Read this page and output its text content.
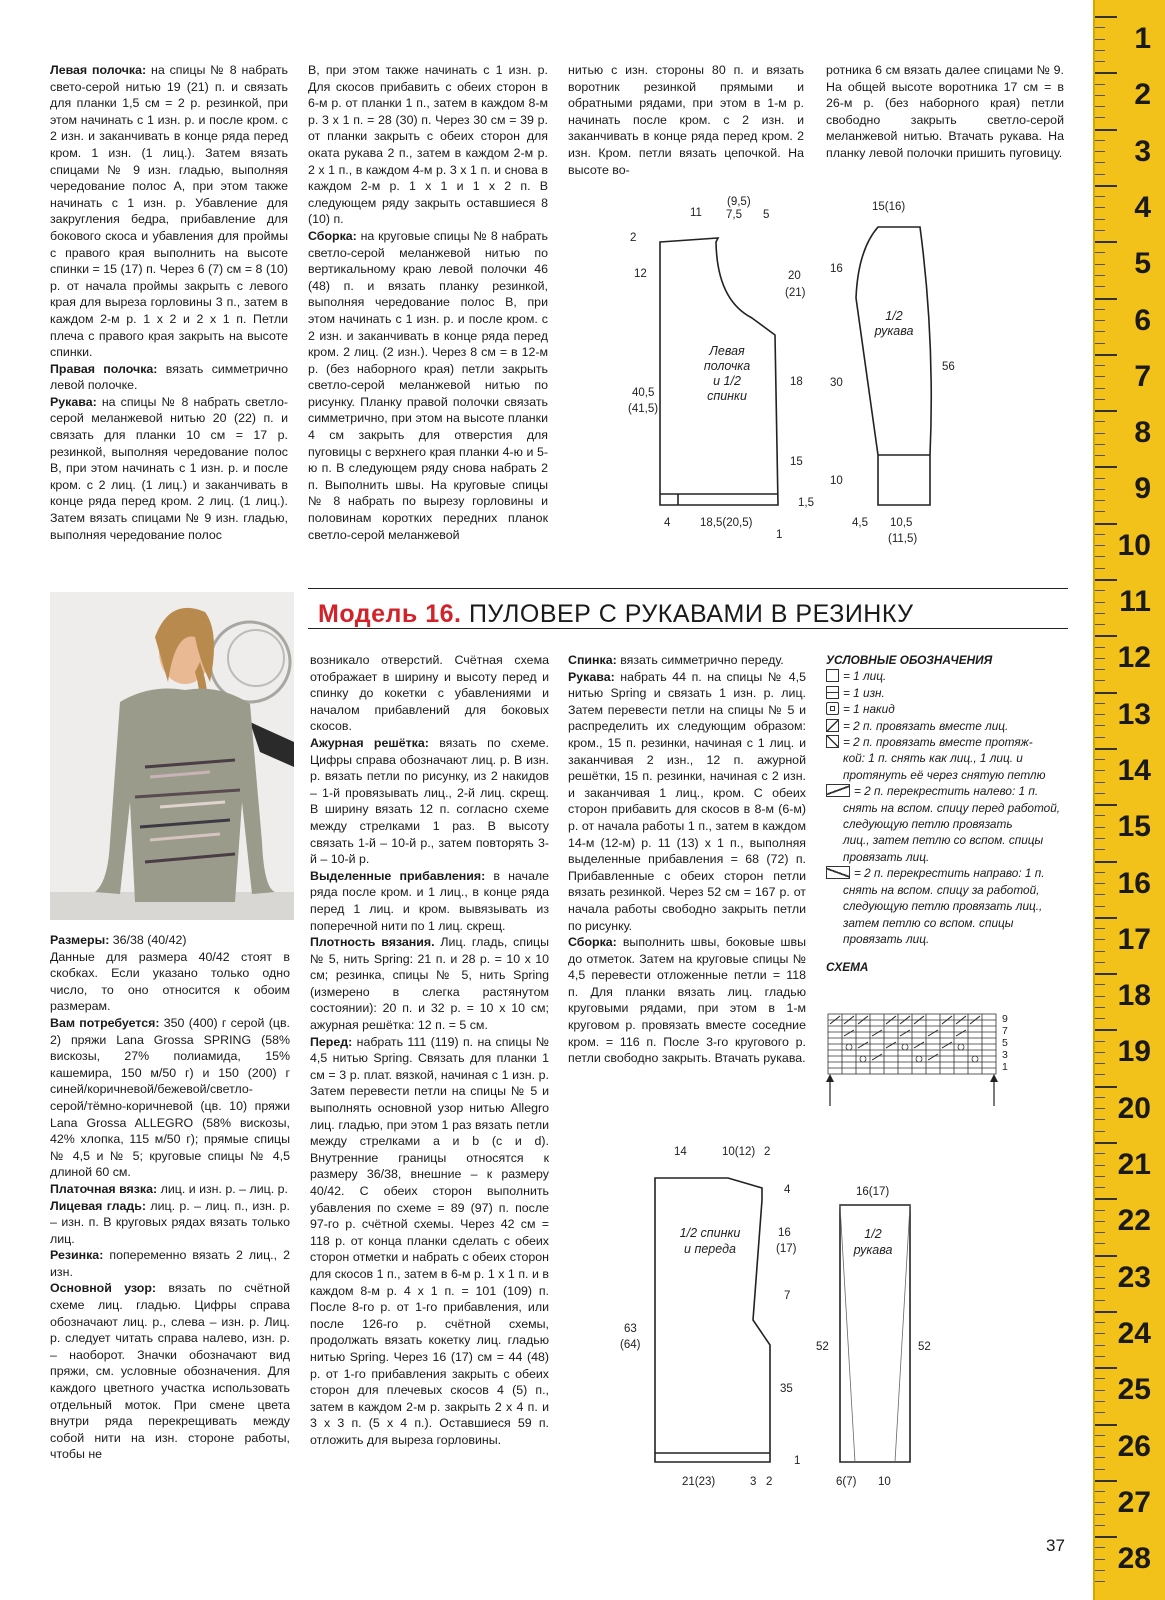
Левая полочка: на спицы № 8 набрать свето-серой нитью 19 (21) п. и связать для планки 1,5 см = 2 р. резинкой, при этом начинать с 1 изн. р. и после кром. с 2 изн. и заканчивать в конце ряда перед кром. 1 изн. (1 лиц.). Затем вязать спицами № 9 изн. гладью, выполняя чередование полос А, при этом также начинать с 1 изн. р. Убавление для закругления бедра, прибавление для бокового скоса и убавления для проймы с правого края выполнить на высоте спинки = 15 (17) п. Через 6 (7) см = 8 (10) р. от начала проймы закрыть с левого края для выреза горловины 3 п., затем в каждом 2-м р. 1 х 2 и 2 х 1 п. Петли плеча с правого края закрыть на высоте спинки.

Правая полочка: вязать симметрично левой полочке.

Рукава: на спицы № 8 набрать светло-серой меланжевой нитью 20 (22) п. и связать для планки 10 см = 17 р. резинкой, выполняя чередование полос В, при этом начинать с 1 изн. р. и после кром. с 2 лиц. (1 лиц.) и заканчивать в конце ряда перед кром. 2 лиц. (1 лиц.). Затем вязать спицами № 9 изн. гладью, выполняя чередование полос

В, при этом также начинать с 1 изн. р. Для скосов прибавить с обеих сторон в 6-м р. от планки 1 п., затем в каждом 8-м р. 3 х 1 п. = 28 (30) п. Через 30 см = 39 р. от планки закрыть с обеих сторон для оката рукава 2 п., затем в каждом 2-м р. 2 х 1 п., в каждом 4-м р. 3 х 1 п. и снова в каждом 2-м р. 1 х 1 и 1 х 2 п. В следующем ряду закрыть оставшиеся 8 (10) п.

Сборка: на круговые спицы № 8 набрать светло-серой меланжевой нитью по вертикальному краю левой полочки 46 (48) п. и вязать планку резинкой, выполняя чередование полос В, при этом начинать с 1 изн. р. и после кром. с 2 изн. и заканчивать в конце ряда перед кром. 2 лиц. (2 изн.). Через 8 см = в 12-м р. (без наборного края) петли закрыть светло-серой меланжевой нитью по рисунку. Планку правой полочки связать симметрично, при этом на высоте планки 4 см закрыть для отверстия для пуговицы с верхнего края планки 4-ю и 5-ю п. В следующем ряду снова набрать 2 п. Выполнить швы. На круговые спицы № 8 набрать по вырезу горловины и половинам коротких передних планок светло-серой меланжевой

нитью с изн. стороны 80 п. и вязать воротник резинкой прямыми и обратными рядами, при этом в 1-м р. начинать после кром. с 2 изн. и заканчивать в конце ряда перед кром. 2 изн. Кром. петли вязать цепочкой. На высоте во-

ротника 6 см вязать далее спицами № 9. На общей высоте воротника 17 см = в 26-м р. (без наборного края) петли свободно закрыть светло-серой меланжевой нитью. Втачать рукава. На планку левой полочки пришить пуговицу.

11
(9,5)
7,5 5
2
12
40,5
(41,5)
20
(21)
18
15
1,5
4	18,5(20,5)
1
15(16)
16
30
10
56
4,5 10,5
(11,5)
Левая
полочка
и 1/2
спинки
1/2
рукава
Модель 16. ПУЛОВЕР С РУКАВАМИ В РЕЗИНКУ

Размеры: 36/38 (40/42)

Данные для размера 40/42 стоят в скобках. Если указано только одно число, то оно относится к обоим размерам.

Вам потребуется: 350 (400) г серой (цв. 2) пряжи Lana Grossa SPRING (58% вискозы, 27% полиамида, 15% кашемира, 150 м/50 г) и 150 (200) г синей/коричневой/бежевой/светло-серой/тёмно-коричневой (цв. 10) пряжи Lana Grossa ALLEGRO (58% вискозы, 42% хлопка, 115 м/50 г); прямые спицы № 4,5 и № 5; круговые спицы № 4,5 длиной 60 см.

Платочная вязка: лиц. и изн. р. – лиц. р.

Лицевая гладь: лиц. р. – лиц. п., изн. р. – изн. п. В круговых рядах вязать только лиц.

Резинка: попеременно вязать 2 лиц., 2 изн.

Основной узор: вязать по счётной схеме лиц. гладью. Цифры справа обозначают лиц. р., слева – изн. р. Лиц. р. следует читать справа налево, изн. р. – наоборот. Значки обозначают вид пряжи, см. условные обозначения. Для каждого цветного участка использовать отдельный моток. При смене цвета внутри ряда перекрещивать между собой нити на изн. стороне работы, чтобы не

возникало отверстий. Счётная схема отображает в ширину и высоту перед и спинку до кокетки с убавлениями и началом прибавлений для боковых скосов.

Ажурная решётка: вязать по схеме. Цифры справа обозначают лиц. р. В изн. р. вязать петли по рисунку, из 2 накидов – 1-й провязывать лиц., 2-й лиц. скрещ. В ширину вязать 12 п. согласно схеме между стрелками 1 раз. В высоту связать 1-й – 10-й р., затем повторять 3-й – 10-й р.

Выделенные прибавления: в начале ряда после кром. и 1 лиц., в конце ряда перед 1 лиц. и кром. вывязывать из поперечной нити по 1 лиц. скрещ.

Плотность вязания. Лиц. гладь, спицы № 5, нить Spring: 21 п. и 28 р. = 10 х 10 см; резинка, спицы № 5, нить Spring (измерено в слегка растянутом состоянии): 20 п. и 32 р. = 10 х 10 см; ажурная решётка: 12 п. = 5 см.

Перед: набрать 111 (119) п. на спицы № 4,5 нитью Spring. Связать для планки 1 см = 3 р. плат. вязкой, начиная с 1 изн. р. Затем перевести петли на спицы № 5 и выполнять основной узор нитью Allegro лиц. гладью, при этом 1 раз вязать петли между стрелками a и b (c и d). Внутренние границы относятся к размеру 36/38, внешние – к размеру 40/42. С обеих сторон выполнить убавления по схеме = 89 (97) п. после 97-го р. счётной схемы. Через 42 см = 118 р. от конца планки сделать с обеих сторон отметки и набрать с обеих сторон для скосов 1 п., затем в 6-м р. 1 х 1 п. и в каждом 8-м р. 4 х 1 п. = 101 (109) п. После 8-го р. от 1-го прибавления, или после 126-го р. счётной схемы, продолжать вязать кокетку лиц. гладью нитью Spring. Через 16 (17) см = 44 (48) р. от 1-го прибавления закрыть с обеих сторон для плечевых скосов 4 (5) п., затем в каждом 2-м р. закрыть 2 х 4 п. и 3 х 3 п. (5 х 4 п.). Оставшиеся 59 п. отложить для выреза горловины.

Спинка: вязать симметрично переду.

Рукава: набрать 44 п. на спицы № 4,5 нитью Spring и связать 1 изн. р. лиц. Затем перевести петли на спицы № 5 и распределить их следующим образом: кром., 15 п. резинки, начиная с 1 лиц. и заканчивая 2 изн., 12 п. ажурной решётки, 15 п. резинки, начиная с 2 изн. и заканчивая 1 лиц., кром. С обеих сторон прибавить для скосов в 8-м (6-м) р. от начала работы 1 п., затем в каждом 14-м (12-м) р. 11 (13) х 1 п., выполняя выделенные прибавления = 68 (72) п. Прибавленные с обеих сторон петли вязать резинкой. Через 52 см = 167 р. от начала работы свободно закрыть петли по рисунку.

Сборка: выполнить швы, боковые швы до отметок. Затем на круговые спицы № 4,5 перевести отложенные петли = 118 п. Для планки вязать лиц. гладью круговыми рядами, при этом в 1-м круговом р. провязать вместе соседние кром. = 116 п. После 3-го кругового р. петли свободно закрыть. Втачать рукава.

УСЛОВНЫЕ ОБОЗНАЧЕНИЯ
= 1 лиц.
= 1 изн.
= 1 накид
= 2 п. провязать вместе лиц.
= 2 п. провязать вместе протяж-
кой: 1 п. снять как лиц., 1 лиц. и
протянуть её через снятую петлю
= 2 п. перекрестить налево: 1 п.
снять на вспом. спицу перед работой, следующую петлю провязать
лиц., затем петлю со вспом. спицы
провязать лиц.
= 2 п. перекрестить направо: 1 п.
снять на вспом. спицу за работой,
следующую петлю провязать лиц.,
затем петлю со вспом. спицы провязать лиц.
СХЕМА
9
7
5
3
1
14	10(12) 2
4
16
(17)
7
35
1
63
(64)
21(23)	3 2
16(17)
52	52
6(7) 10
1/2 спинки
и переда
1/2
рукава
37
1
2
3
4
5
6
7
8
9
10
11
12
13
14
15
16
17
18
19
20
21
22
23
24
25
26
27
28
